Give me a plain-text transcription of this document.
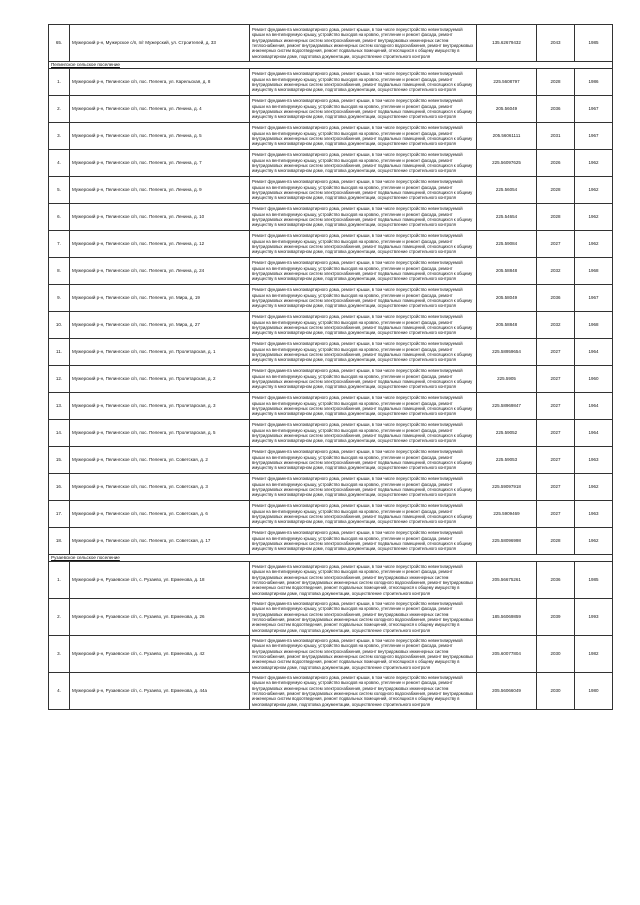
65.	Мужерский р-н, Мужерское с/п, п/г Мужерский, ул. Строителей, д. 33	Ремонт фундамента многоквартирного дома, ремонт крыши, в том числе переустройство невентилируемой крыши на вентилируемую крышу, устройство выходов на кровлю, утепление и ремонт фасада, ремонт внутридомовых инженерных систем электроснабжения, ремонт внутридомовых инженерных систем теплоснабжения, ремонт внутридомовых инженерных систем холодного водоснабжения, ремонт внутридомовых инженерных систем водоотведения, ремонт подвальных помещений, относящихся к общему имуществу в многоквартирном доме, подготовка документации, осуществление строительного контроля	135.62679432	2043	1985
Пелингское сельское поселение					
1.	Мужерский р-н, Пелингское с/п, пос. Пеленга, ул. Карельская, д. 8	Ремонт фундамента многоквартирного дома, ремонт крыши, в том числе переустройство невентилируемой крыши на вентилируемую крышу, устройство выходов на кровлю, утепление и ремонт фасада, ремонт внутридомовых инженерных систем электроснабжения, ремонт подвальных помещений, относящихся к общему имуществу в многоквартирном доме, подготовка документации, осуществление строительного контроля	225.5608797	2028	1986
2.	Мужерский р-н, Пелингское с/п, пос. Пеленга, ул. Ленина, д. 4	Ремонт фундамента многоквартирного дома, ремонт крыши, в том числе переустройство невентилируемой крыши на вентилируемую крышу, устройство выходов на кровлю, утепление и ремонт фасада, ремонт внутридомовых инженерных систем электроснабжения, ремонт подвальных помещений, относящихся к общему имуществу в многоквартирном доме, подготовка документации, осуществление строительного контроля	205.56049	2036	1967
3.	Мужерский р-н, Пелингское с/п, пос. Пеленга, ул. Ленина, д. 5	Ремонт фундамента многоквартирного дома, ремонт крыши, в том числе переустройство невентилируемой крыши на вентилируемую крышу, устройство выходов на кровлю, утепление и ремонт фасада, ремонт внутридомовых инженерных систем электроснабжения, ремонт подвальных помещений, относящихся к общему имуществу в многоквартирном доме, подготовка документации, осуществление строительного контроля	205.56061111	2031	1967
4.	Мужерский р-н, Пелингское с/п, пос. Пеленга, ул. Ленина, д. 7	Ремонт фундамента многоквартирного дома, ремонт крыши, в том числе переустройство невентилируемой крыши на вентилируемую крышу, устройство выходов на кровлю, утепление и ремонт фасада, ремонт внутридомовых инженерных систем электроснабжения, ремонт подвальных помещений, относящихся к общему имуществу в многоквартирном доме, подготовка документации, осуществление строительного контроля	225.56097625	2026	1962
5.	Мужерский р-н, Пелингское с/п, пос. Пеленга, ул. Ленина, д. 9	Ремонт фундамента многоквартирного дома, ремонт крыши, в том числе переустройство невентилируемой крыши на вентилируемую крышу, устройство выходов на кровлю, утепление и ремонт фасада, ремонт внутридомовых инженерных систем электроснабжения, ремонт подвальных помещений, относящихся к общему имуществу в многоквартирном доме, подготовка документации, осуществление строительного контроля	225.56054	2028	1962
6.	Мужерский р-н, Пелингское с/п, пос. Пеленга, ул. Ленина, д. 10	Ремонт фундамента многоквартирного дома, ремонт крыши, в том числе переустройство невентилируемой крыши на вентилируемую крышу, устройство выходов на кровлю, утепление и ремонт фасада, ремонт внутридомовых инженерных систем электроснабжения, ремонт подвальных помещений, относящихся к общему имуществу в многоквартирном доме, подготовка документации, осуществление строительного контроля	225.54654	2028	1962
7.	Мужерский р-н, Пелингское с/п, пос. Пеленга, ул. Ленина, д. 12	Ремонт фундамента многоквартирного дома, ремонт крыши, в том числе переустройство невентилируемой крыши на вентилируемую крышу, устройство выходов на кровлю, утепление и ремонт фасада, ремонт внутридомовых инженерных систем электроснабжения, ремонт подвальных помещений, относящихся к общему имуществу в многоквартирном доме, подготовка документации, осуществление строительного контроля	225.59084	2027	1962
8.	Мужерский р-н, Пелингское с/п, пос. Пеленга, ул. Ленина, д. 24	Ремонт фундамента многоквартирного дома, ремонт крыши, в том числе переустройство невентилируемой крыши на вентилируемую крышу, устройство выходов на кровлю, утепление и ремонт фасада, ремонт внутридомовых инженерных систем электроснабжения, ремонт подвальных помещений, относящихся к общему имуществу в многоквартирном доме, подготовка документации, осуществление строительного контроля	205.58848	2032	1968
9.	Мужерский р-н, Пелингское с/п, пос. Пеленга, ул. Мира, д. 19	Ремонт фундамента многоквартирного дома, ремонт крыши, в том числе переустройство невентилируемой крыши на вентилируемую крышу, устройство выходов на кровлю, утепление и ремонт фасада, ремонт внутридомовых инженерных систем электроснабжения, ремонт подвальных помещений, относящихся к общему имуществу в многоквартирном доме, подготовка документации, осуществление строительного контроля	205.58049	2036	1967
10.	Мужерский р-н, Пелингское с/п, пос. Пеленга, ул. Мира, д. 27	Ремонт фундамента многоквартирного дома, ремонт крыши, в том числе переустройство невентилируемой крыши на вентилируемую крышу, устройство выходов на кровлю, утепление и ремонт фасада, ремонт внутридомовых инженерных систем электроснабжения, ремонт подвальных помещений, относящихся к общему имуществу в многоквартирном доме, подготовка документации, осуществление строительного контроля	205.58848	2032	1968
11.	Мужерский р-н, Пелингское с/п, пос. Пеленга, ул. Пролетарская, д. 1	Ремонт фундамента многоквартирного дома, ремонт крыши, в том числе переустройство невентилируемой крыши на вентилируемую крышу, устройство выходов на кровлю, утепление и ремонт фасада, ремонт внутридомовых инженерных систем электроснабжения, ремонт подвальных помещений, относящихся к общему имуществу в многоквартирном доме, подготовка документации, осуществление строительного контроля	225.58959654	2027	1964
12.	Мужерский р-н, Пелингское с/п, пос. Пеленга, ул. Пролетарская, д. 2	Ремонт фундамента многоквартирного дома, ремонт крыши, в том числе переустройство невентилируемой крыши на вентилируемую крышу, устройство выходов на кровлю, утепление и ремонт фасада, ремонт внутридомовых инженерных систем электроснабжения, ремонт подвальных помещений, относящихся к общему имуществу в многоквартирном доме, подготовка документации, осуществление строительного контроля	225.5905	2027	1960
13.	Мужерский р-н, Пелингское с/п, пос. Пеленга, ул. Пролетарская, д. 3	Ремонт фундамента многоквартирного дома, ремонт крыши, в том числе переустройство невентилируемой крыши на вентилируемую крышу, устройство выходов на кровлю, утепление и ремонт фасада, ремонт внутридомовых инженерных систем электроснабжения, ремонт подвальных помещений, относящихся к общему имуществу в многоквартирном доме, подготовка документации, осуществление строительного контроля	225.58969847	2027	1964
14.	Мужерский р-н, Пелингское с/п, пос. Пеленга, ул. Пролетарская, д. 5	Ремонт фундамента многоквартирного дома, ремонт крыши, в том числе переустройство невентилируемой крыши на вентилируемую крышу, устройство выходов на кровлю, утепление и ремонт фасада, ремонт внутридомовых инженерных систем электроснабжения, ремонт подвальных помещений, относящихся к общему имуществу в многоквартирном доме, подготовка документации, осуществление строительного контроля	225.59052	2027	1964
15.	Мужерский р-н, Пелингское с/п, пос. Пеленга, ул. Советская, д. 2	Ремонт фундамента многоквартирного дома, ремонт крыши, в том числе переустройство невентилируемой крыши на вентилируемую крышу, устройство выходов на кровлю, утепление и ремонт фасада, ремонт внутридомовых инженерных систем электроснабжения, ремонт подвальных помещений, относящихся к общему имуществу в многоквартирном доме, подготовка документации, осуществление строительного контроля	225.59053	2027	1963
16.	Мужерский р-н, Пелингское с/п, пос. Пеленга, ул. Советская, д. 3	Ремонт фундамента многоквартирного дома, ремонт крыши, в том числе переустройство невентилируемой крыши на вентилируемую крышу, устройство выходов на кровлю, утепление и ремонт фасада, ремонт внутридомовых инженерных систем электроснабжения, ремонт подвальных помещений, относящихся к общему имуществу в многоквартирном доме, подготовка документации, осуществление строительного контроля	225.59097918	2027	1962
17.	Мужерский р-н, Пелингское с/п, пос. Пеленга, ул. Советская, д. 6	Ремонт фундамента многоквартирного дома, ремонт крыши, в том числе переустройство невентилируемой крыши на вентилируемую крышу, устройство выходов на кровлю, утепление и ремонт фасада, ремонт внутридомовых инженерных систем электроснабжения, ремонт подвальных помещений, относящихся к общему имуществу в многоквартирном доме, подготовка документации, осуществление строительного контроля	225.5909469	2027	1963
18.	Мужерский р-н, Пелингское с/п, пос. Пеленга, ул. Советская, д. 17	Ремонт фундамента многоквартирного дома, ремонт крыши, в том числе переустройство невентилируемой крыши на вентилируемую крышу, устройство выходов на кровлю, утепление и ремонт фасада, ремонт внутридомовых инженерных систем электроснабжения, ремонт подвальных помещений, относящихся к общему имуществу в многоквартирном доме, подготовка документации, осуществление строительного контроля	225.58096998	2028	1962
Рузаевское сельское поселение					
1.	Мужерский р-н, Рузаевское с/п, с. Рузаево, ул. Ерменова, д. 18	Ремонт фундамента многоквартирного дома, ремонт крыши, в том числе переустройство невентилируемой крыши на вентилируемую крышу, устройство выходов на кровлю, утепление и ремонт фасада, ремонт внутридомовых инженерных систем электроснабжения, ремонт внутридомовых инженерных систем теплоснабжения, ремонт внутридомовых инженерных систем холодного водоснабжения, ремонт внутридомовых инженерных систем водоотведения, ремонт подвальных помещений, относящихся к общему имуществу в многоквартирном доме, подготовка документации, осуществление строительного контроля	205.56675261	2036	1985
2.	Мужерский р-н, Рузаевское с/п, с. Рузаево, ул. Ерменова, д. 26	Ремонт фундамента многоквартирного дома, ремонт крыши, в том числе переустройство невентилируемой крыши на вентилируемую крышу, устройство выходов на кровлю, утепление и ремонт фасада, ремонт внутридомовых инженерных систем электроснабжения, ремонт внутридомовых инженерных систем теплоснабжения, ремонт внутридомовых инженерных систем холодного водоснабжения, ремонт внутридомовых инженерных систем водоотведения, ремонт подвальных помещений, относящихся к общему имуществу в многоквартирном доме, подготовка документации, осуществление строительного контроля	185.56069859	2039	1993
3.	Мужерский р-н, Рузаевское с/п, с. Рузаево, ул. Ерменова, д. 42	Ремонт фундамента многоквартирного дома, ремонт крыши, в том числе переустройство невентилируемой крыши на вентилируемую крышу, устройство выходов на кровлю, утепление и ремонт фасада, ремонт внутридомовых инженерных систем электроснабжения, ремонт внутридомовых инженерных систем теплоснабжения, ремонт внутридомовых инженерных систем холодного водоснабжения, ремонт внутридомовых инженерных систем водоотведения, ремонт подвальных помещений, относящихся к общему имуществу в многоквартирном доме, подготовка документации, осуществление строительного контроля	205.60077804	2030	1982
4.	Мужерский р-н, Рузаевское с/п, с. Рузаево, ул. Ерменова, д. 44а	Ремонт фундамента многоквартирного дома, ремонт крыши, в том числе переустройство невентилируемой крыши на вентилируемую крышу, устройство выходов на кровлю, утепление и ремонт фасада, ремонт внутридомовых инженерных систем электроснабжения, ремонт внутридомовых инженерных систем теплоснабжения, ремонт внутридомовых инженерных систем холодного водоснабжения, ремонт внутридомовых инженерных систем водоотведения, ремонт подвальных помещений, относящихся к общему имуществу в многоквартирном доме, подготовка документации, осуществление строительного контроля	205.56066049	2030	1980
